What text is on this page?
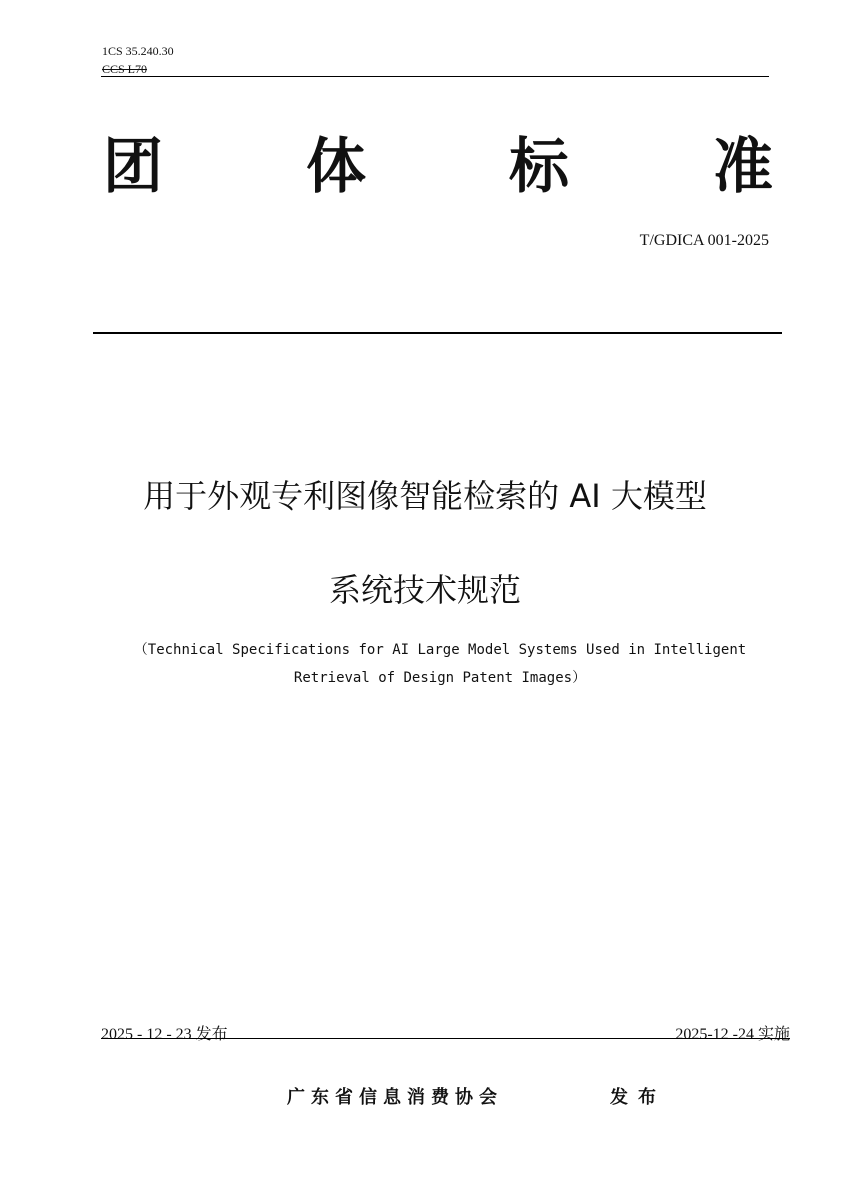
1CS 35.240.30
CCS L70
团 体 标 准
T/GDICA 001-2025
用于外观专利图像智能检索的 AI 大模型
系统技术规范
（Technical Specifications for AI Large Model Systems Used in Intelligent
Retrieval of Design Patent Images）
2025 - 12 - 23 发布	2025-12 -24 实施
广东省信息消费协会	发布
